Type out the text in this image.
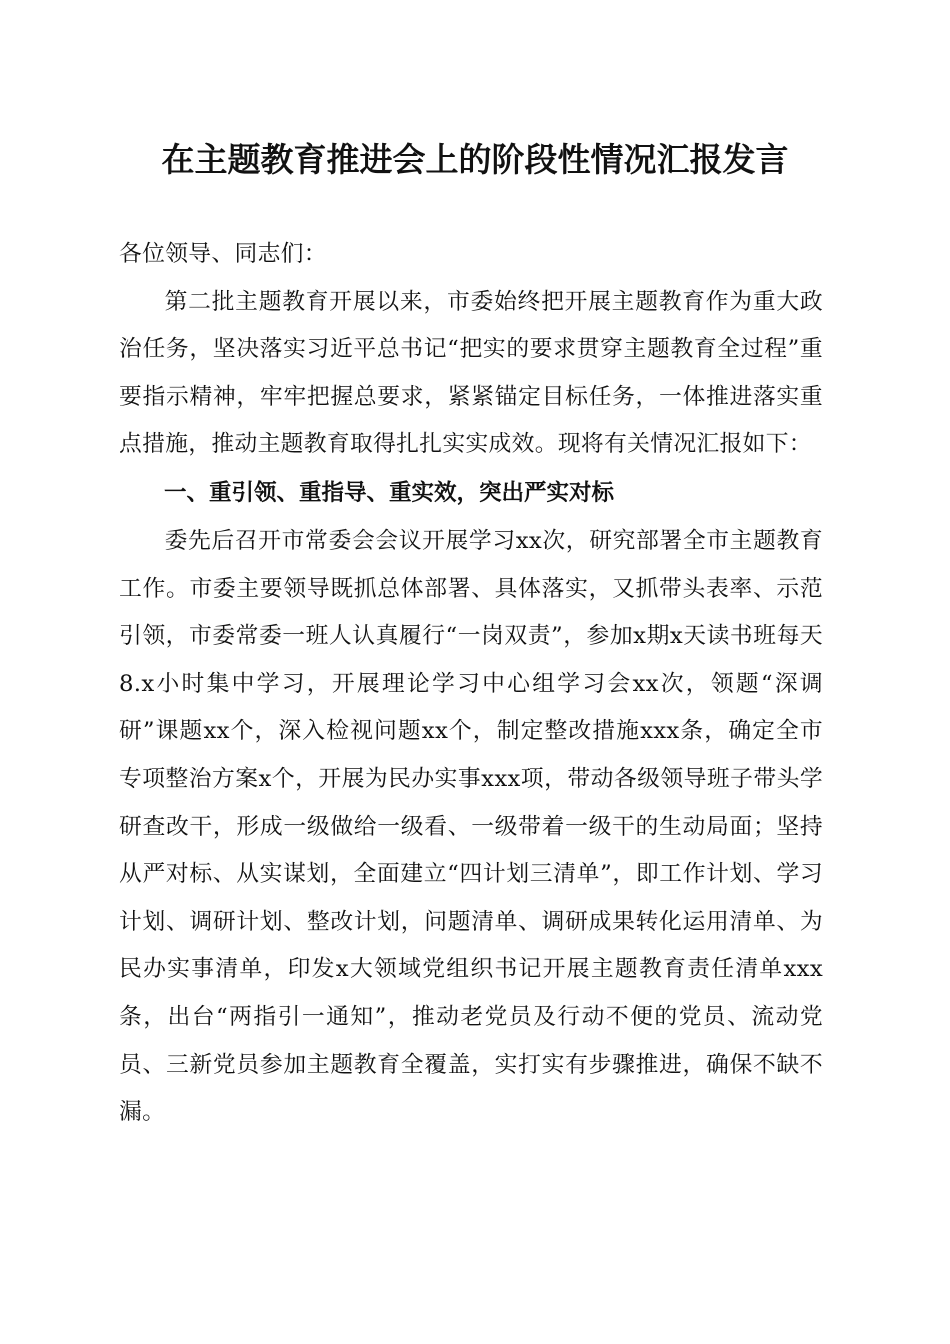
在主题教育推进会上的阶段性情况汇报发言

各位领导、同志们：

第二批主题教育开展以来，市委始终把开展主题教育作为重大政治任务，坚决落实习近平总书记“把实的要求贯穿主题教育全过程”重要指示精神，牢牢把握总要求，紧紧锚定目标任务，一体推进落实重点措施，推动主题教育取得扎扎实实成效。现将有关情况汇报如下：

一、重引领、重指导、重实效，突出严实对标

委先后召开市常委会会议开展学习xx次，研究部署全市主题教育工作。市委主要领导既抓总体部署、具体落实，又抓带头表率、示范引领，市委常委一班人认真履行“一岗双责”，参加x期x天读书班每天8.x小时集中学习，开展理论学习中心组学习会xx次，领题“深调研”课题xx个，深入检视问题xx个，制定整改措施xxx条，确定全市专项整治方案x个，开展为民办实事xxx项，带动各级领导班子带头学研查改干，形成一级做给一级看、一级带着一级干的生动局面；坚持从严对标、从实谋划，全面建立“四计划三清单”，即工作计划、学习计划、调研计划、整改计划，问题清单、调研成果转化运用清单、为民办实事清单，印发x大领域党组织书记开展主题教育责任清单xxx条，出台“两指引一通知”，推动老党员及行动不便的党员、流动党员、三新党员参加主题教育全覆盖，实打实有步骤推进，确保不缺不漏。
